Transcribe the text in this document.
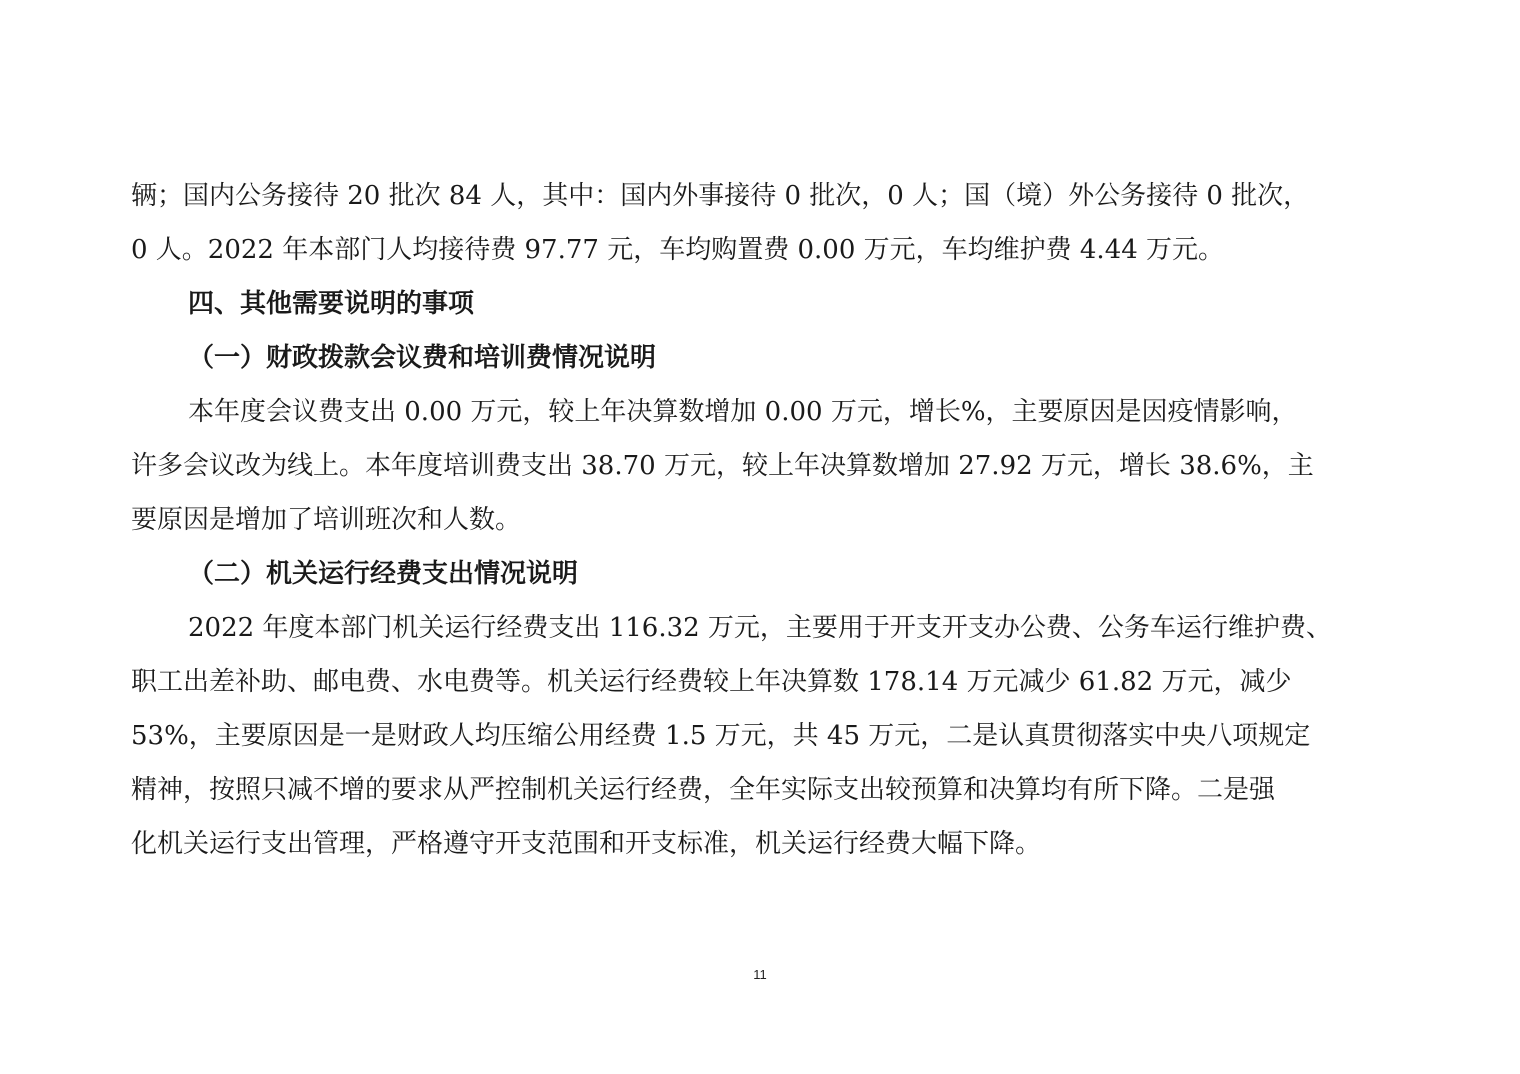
辆；国内公务接待 20 批次 84 人，其中：国内外事接待 0 批次，0 人；国（境）外公务接待 0 批次，

0 人。2022 年本部门人均接待费 97.77 元，车均购置费 0.00 万元，车均维护费 4.44 万元。

四、其他需要说明的事项

（一）财政拨款会议费和培训费情况说明

本年度会议费支出 0.00 万元，较上年决算数增加 0.00 万元，增长%，主要原因是因疫情影响，

许多会议改为线上。本年度培训费支出 38.70 万元，较上年决算数增加 27.92 万元，增长 38.6%，主

要原因是增加了培训班次和人数。

（二）机关运行经费支出情况说明

2022 年度本部门机关运行经费支出 116.32 万元，主要用于开支开支办公费、公务车运行维护费、

职工出差补助、邮电费、水电费等。机关运行经费较上年决算数 178.14 万元减少 61.82 万元，减少

53%，主要原因是一是财政人均压缩公用经费 1.5 万元，共 45 万元，二是认真贯彻落实中央八项规定

精神，按照只减不增的要求从严控制机关运行经费，全年实际支出较预算和决算均有所下降。二是强

化机关运行支出管理，严格遵守开支范围和开支标准，机关运行经费大幅下降。

11
